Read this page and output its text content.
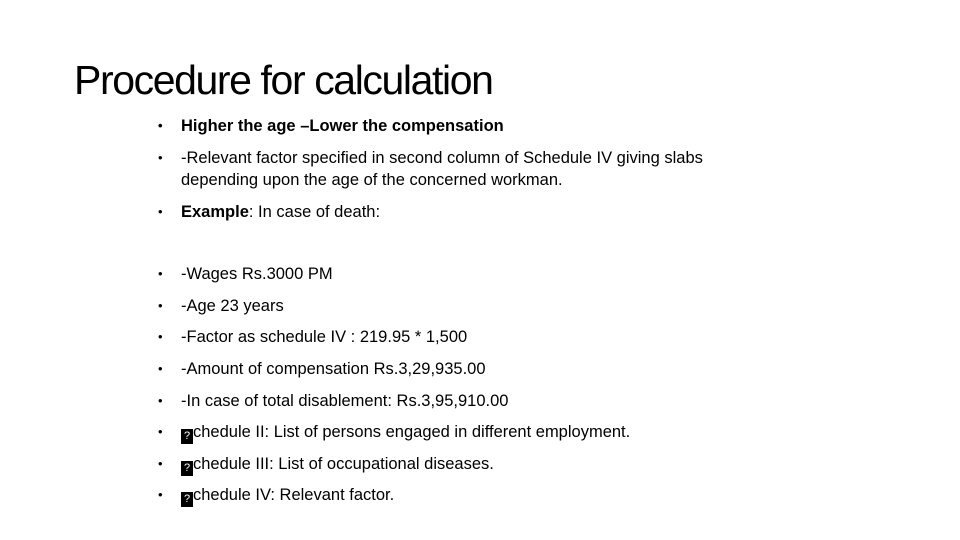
Procedure for calculation
• Higher the age –Lower the compensation
• -Relevant factor specified in second column of Schedule IV giving slabs
depending upon the age of the concerned workman.
• Example: In case of death:
• -Wages Rs.3000 PM
• -Age 23 years
• -Factor as schedule IV : 219.95 * 1,500
• -Amount of compensation Rs.3,29,935.00
• -In case of total disablement: Rs.3,95,910.00
• ? chedule II: List of persons engaged in different employment.
• ? chedule III: List of occupational diseases.
• ? chedule IV: Relevant factor.
